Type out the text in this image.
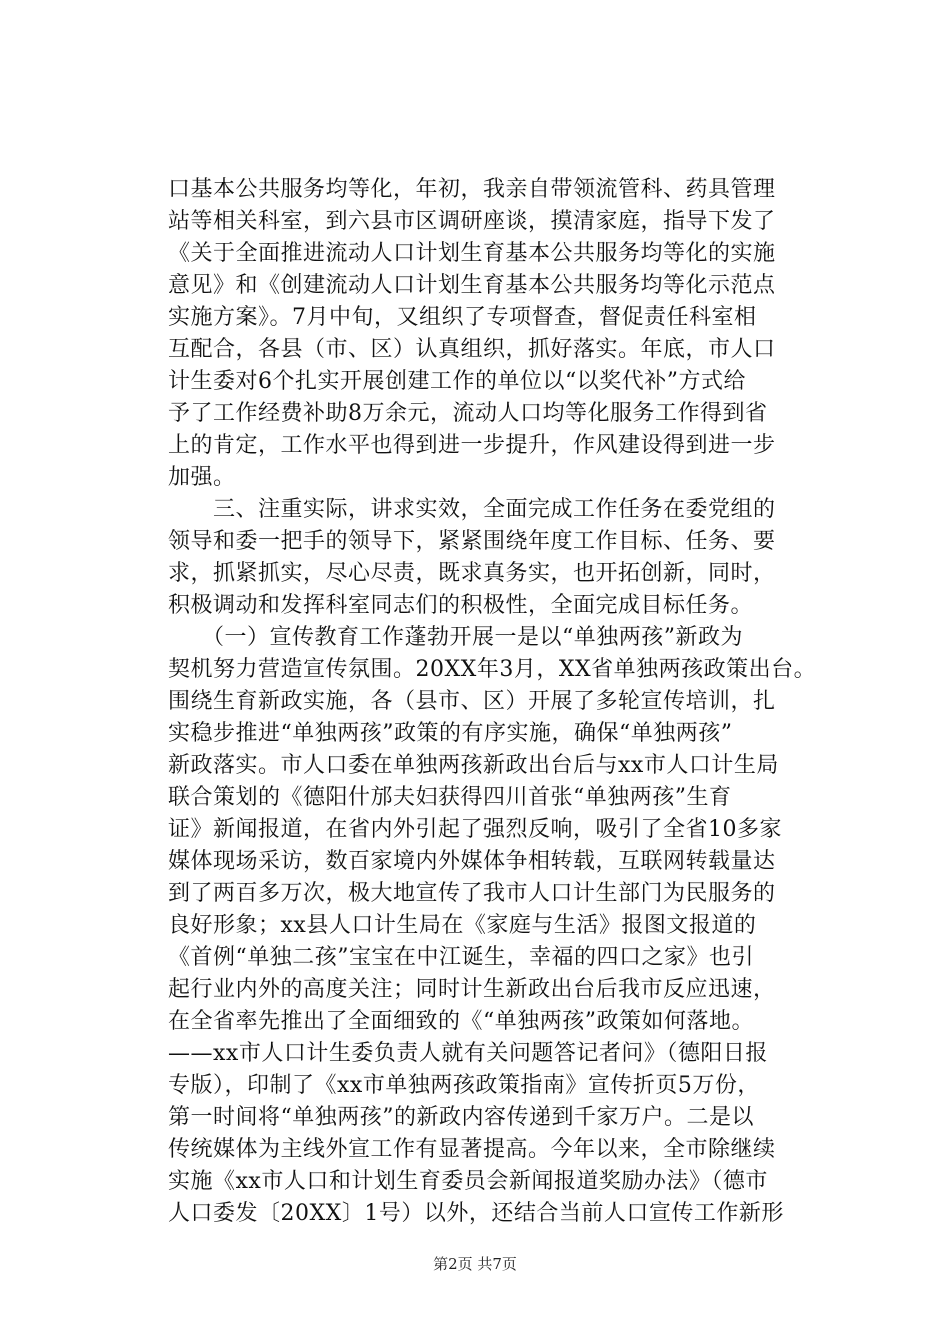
口基本公共服务均等化，年初，我亲自带领流管科、药具管理
站等相关科室，到六县市区调研座谈，摸清家庭，指导下发了
《关于全面推进流动人口计划生育基本公共服务均等化的实施
意见》和《创建流动人口计划生育基本公共服务均等化示范点
实施方案》。7月中旬，又组织了专项督查，督促责任科室相
互配合，各县（市、区）认真组织，抓好落实。年底，市人口
计生委对6个扎实开展创建工作的单位以“以奖代补”方式给
予了工作经费补助8万余元，流动人口均等化服务工作得到省
上的肯定，工作水平也得到进一步提升，作风建设得到进一步
加强。
　　三、注重实际，讲求实效，全面完成工作任务在委党组的
领导和委一把手的领导下，紧紧围绕年度工作目标、任务、要
求，抓紧抓实，尽心尽责，既求真务实，也开拓创新，同时，
积极调动和发挥科室同志们的积极性，全面完成目标任务。
　　（一）宣传教育工作蓬勃开展一是以“单独两孩”新政为
契机努力营造宣传氛围。20XX年3月，XX省单独两孩政策出台。
围绕生育新政实施，各（县市、区）开展了多轮宣传培训，扎
实稳步推进“单独两孩”政策的有序实施，确保“单独两孩”
新政落实。市人口委在单独两孩新政出台后与xx市人口计生局
联合策划的《德阳什邡夫妇获得四川首张“单独两孩”生育
证》新闻报道，在省内外引起了强烈反响，吸引了全省10多家
媒体现场采访，数百家境内外媒体争相转载，互联网转载量达
到了两百多万次，极大地宣传了我市人口计生部门为民服务的
良好形象；xx县人口计生局在《家庭与生活》报图文报道的
《首例“单独二孩”宝宝在中江诞生，幸福的四口之家》也引
起行业内外的高度关注；同时计生新政出台后我市反应迅速，
在全省率先推出了全面细致的《“单独两孩”政策如何落地。
——xx市人口计生委负责人就有关问题答记者问》（德阳日报
专版），印制了《xx市单独两孩政策指南》宣传折页5万份，
第一时间将“单独两孩”的新政内容传递到千家万户。二是以
传统媒体为主线外宣工作有显著提高。今年以来，全市除继续
实施《xx市人口和计划生育委员会新闻报道奖励办法》（德市
人口委发〔20XX〕1号）以外，还结合当前人口宣传工作新形
第2页 共7页
